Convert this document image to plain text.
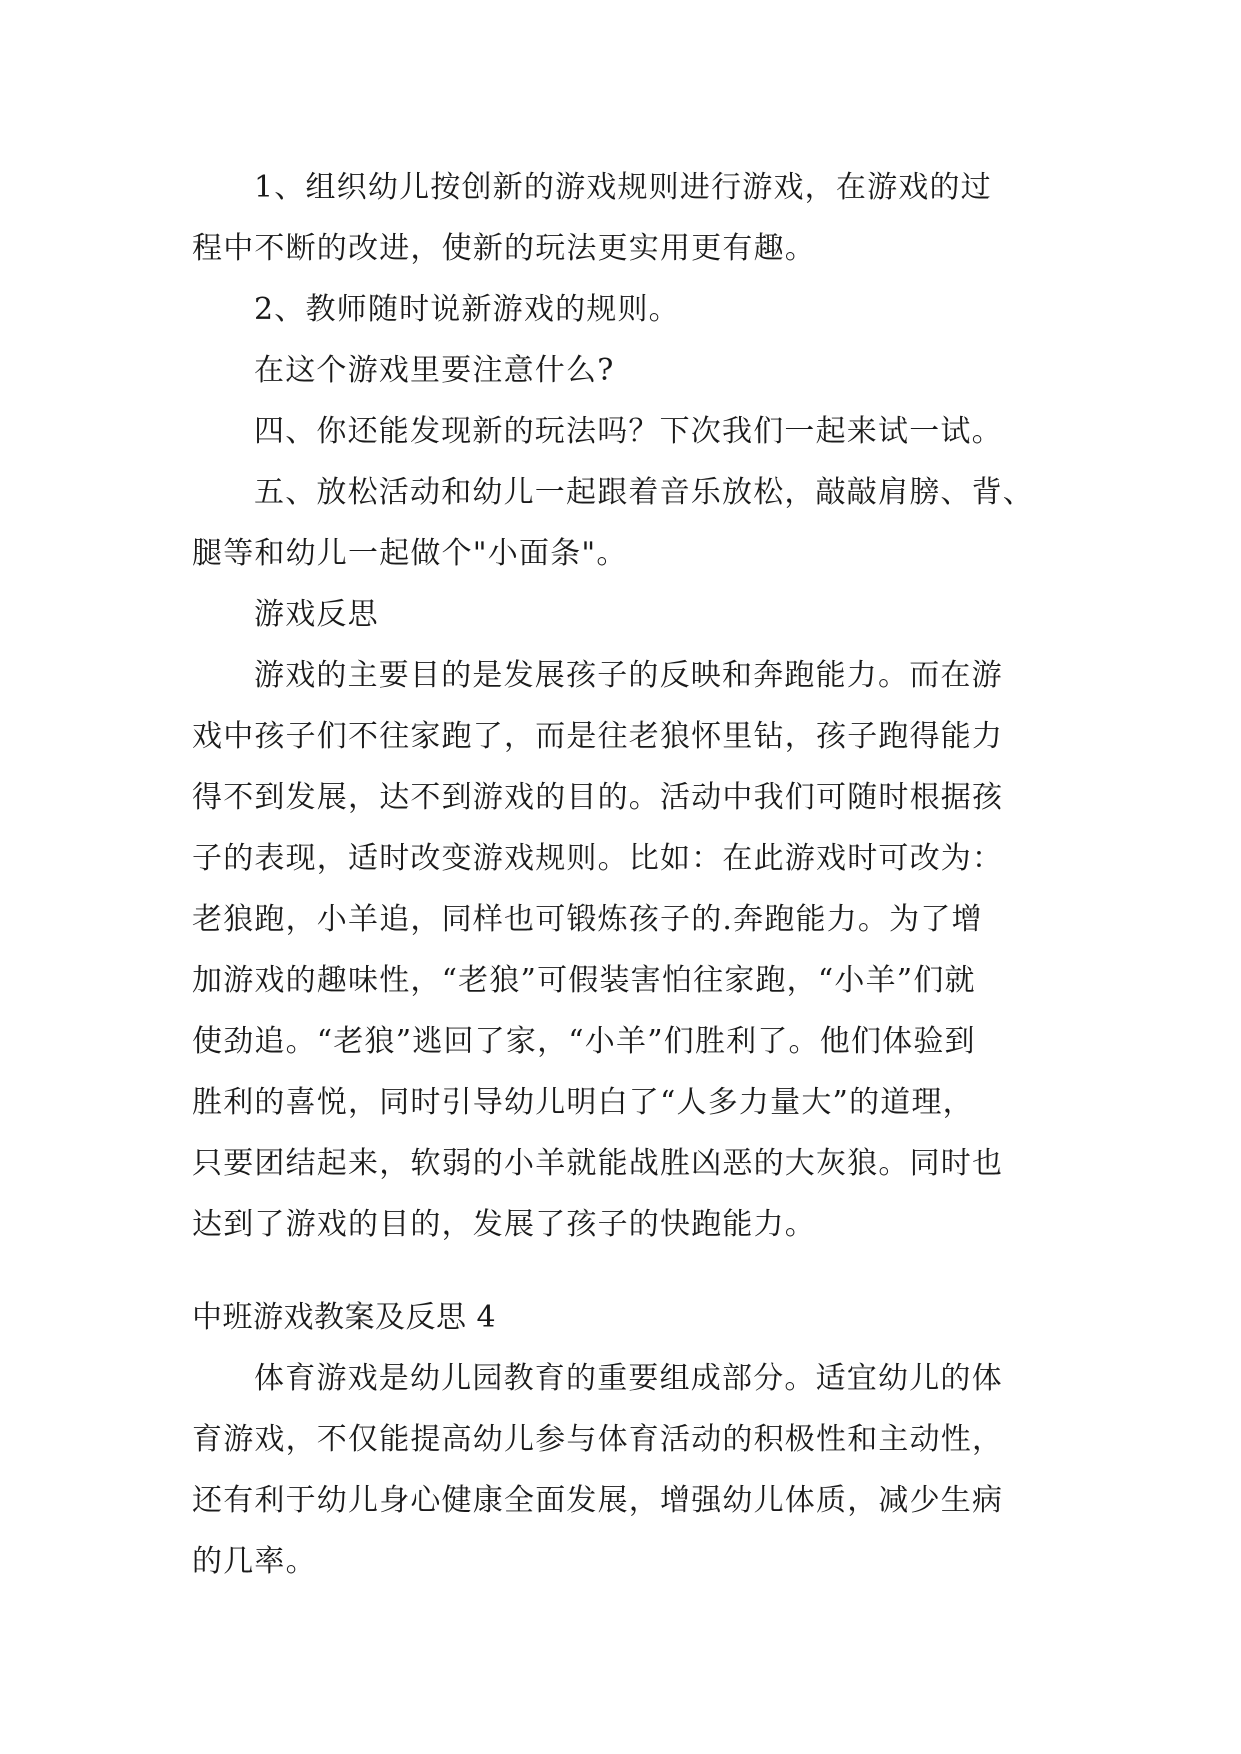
1、组织幼儿按创新的游戏规则进行游戏，在游戏的过
程中不断的改进，使新的玩法更实用更有趣。
2、教师随时说新游戏的规则。
在这个游戏里要注意什么?
四、你还能发现新的玩法吗？下次我们一起来试一试。
五、放松活动和幼儿一起跟着音乐放松，敲敲肩膀、背、
腿等和幼儿一起做个"小面条"。
游戏反思
游戏的主要目的是发展孩子的反映和奔跑能力。而在游
戏中孩子们不往家跑了，而是往老狼怀里钻，孩子跑得能力
得不到发展，达不到游戏的目的。活动中我们可随时根据孩
子的表现，适时改变游戏规则。比如：在此游戏时可改为：
老狼跑，小羊追，同样也可锻炼孩子的.奔跑能力。为了增
加游戏的趣味性，“老狼”可假装害怕往家跑，“小羊”们就
使劲追。“老狼”逃回了家，“小羊”们胜利了。他们体验到
胜利的喜悦，同时引导幼儿明白了“人多力量大”的道理，
只要团结起来，软弱的小羊就能战胜凶恶的大灰狼。同时也
达到了游戏的目的，发展了孩子的快跑能力。
中班游戏教案及反思 4
体育游戏是幼儿园教育的重要组成部分。适宜幼儿的体
育游戏，不仅能提高幼儿参与体育活动的积极性和主动性，
还有利于幼儿身心健康全面发展，增强幼儿体质，减少生病
的几率。
